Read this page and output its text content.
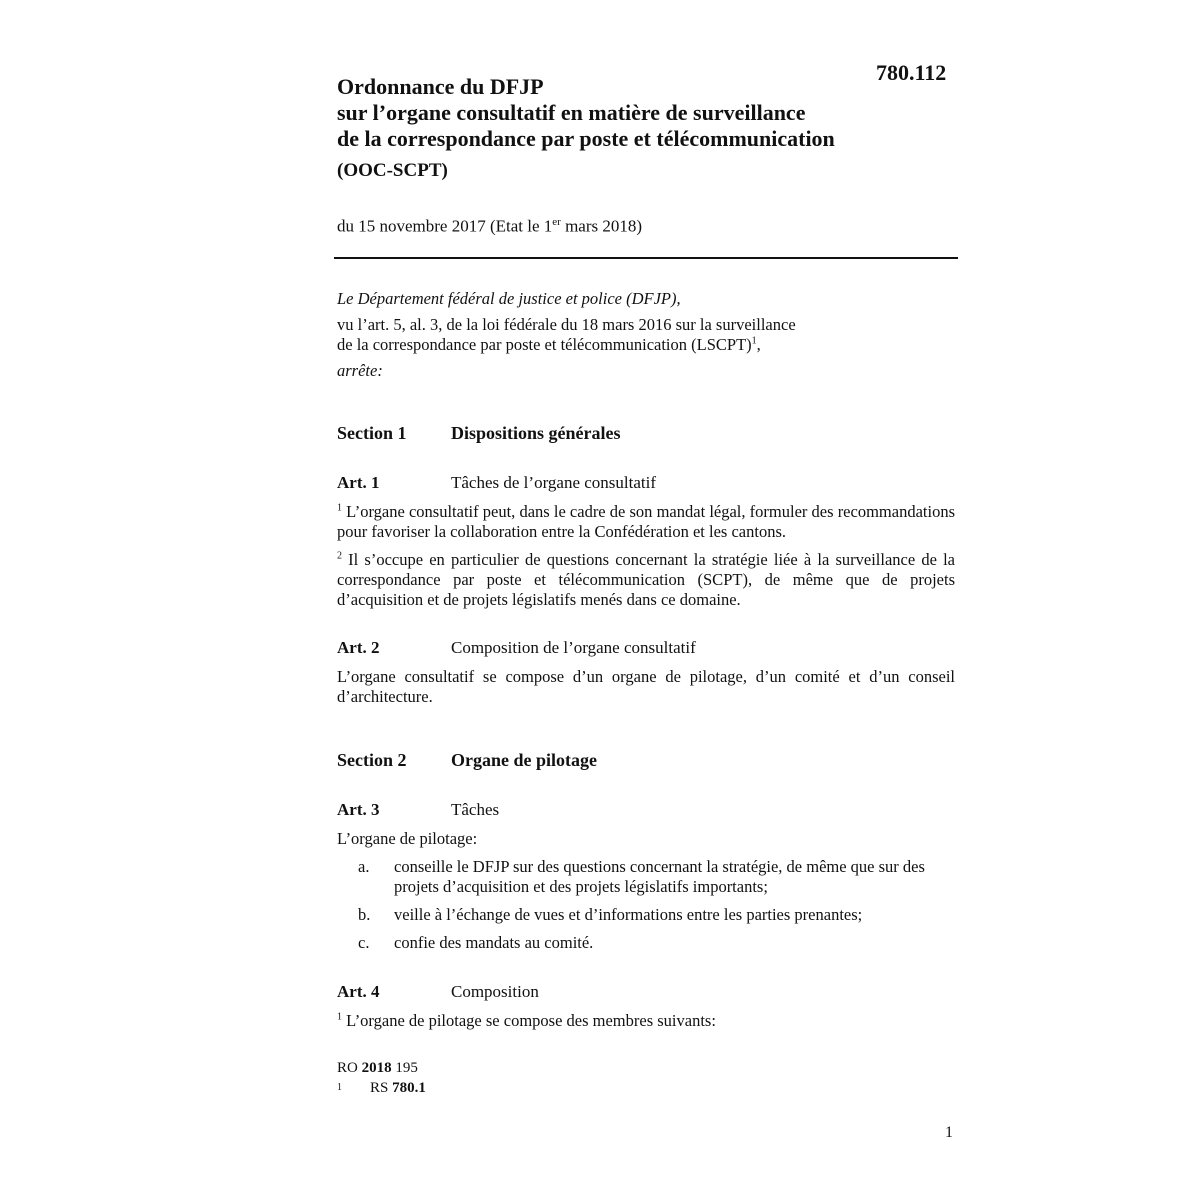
780.112
Ordonnance du DFJP
sur l’organe consultatif en matière de surveillance
de la correspondance par poste et télécommunication
(OOC-SCPT)
du 15 novembre 2017 (Etat le 1er mars 2018)
Le Département fédéral de justice et police (DFJP),
vu l’art. 5, al. 3, de la loi fédérale du 18 mars 2016 sur la surveillance
de la correspondance par poste et télécommunication (LSCPT)$^1$,
arrête:
Section 1 Dispositions générales
Art. 1	Tâches de l’organe consultatif
$^1$ L’organe consultatif peut, dans le cadre de son mandat légal, formuler des recommandations pour favoriser la collaboration entre la Confédération et les cantons.
$^2$ Il s’occupe en particulier de questions concernant la stratégie liée à la surveillance de la correspondance par poste et télécommunication (SCPT), de même que de projets d’acquisition et de projets législatifs menés dans ce domaine.
Art. 2	Composition de l’organe consultatif
L’organe consultatif se compose d’un organe de pilotage, d’un comité et d’un conseil d’architecture.
Section 2 Organe de pilotage
Art. 3	Tâches
L’organe de pilotage:
a. conseille le DFJP sur des questions concernant la stratégie, de même que sur des projets d’acquisition et des projets législatifs importants;
b. veille à l’échange de vues et d’informations entre les parties prenantes;
c. confie des mandats au comité.
Art. 4	Composition
$^1$ L’organe de pilotage se compose des membres suivants:
RO 2018 195
1 RS 780.1
1
